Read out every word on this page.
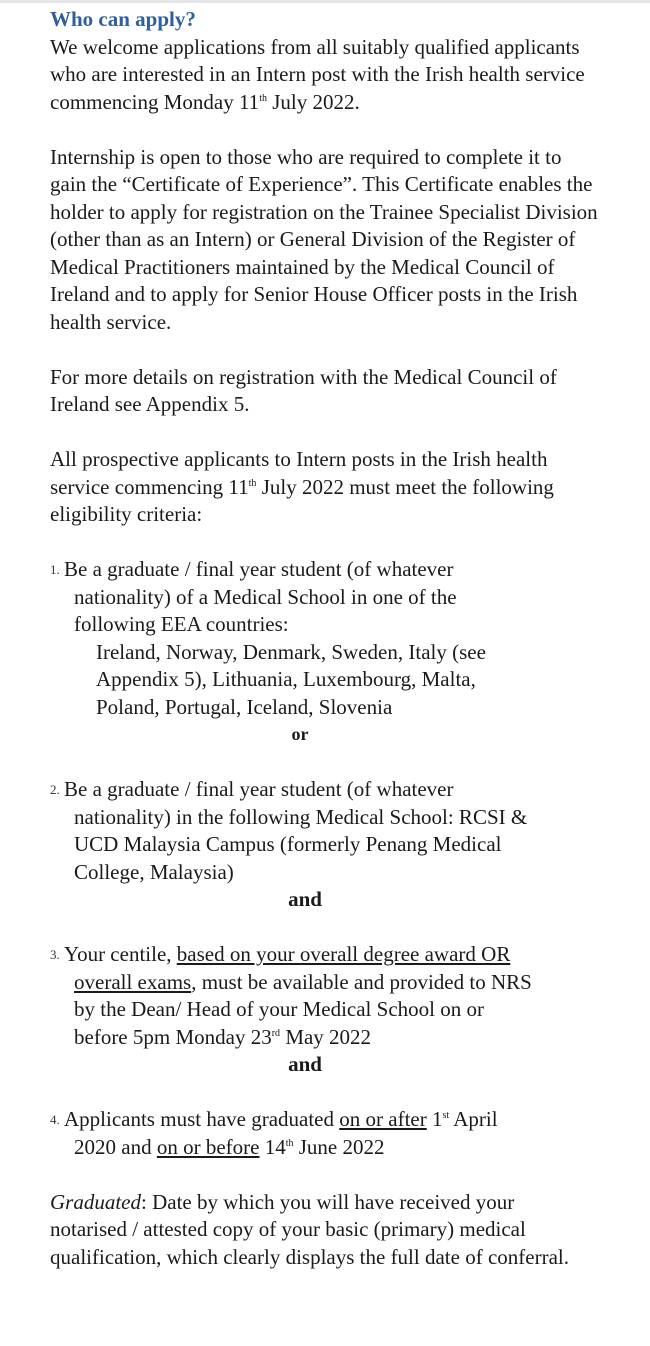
Who can apply?

We welcome applications from all suitably qualified applicants who are interested in an Intern post with the Irish health service commencing Monday 11th July 2022.

Internship is open to those who are required to complete it to gain the “Certificate of Experience”. This Certificate enables the holder to apply for registration on the Trainee Specialist Division (other than as an Intern) or General Division of the Register of Medical Practitioners maintained by the Medical Council of Ireland and to apply for Senior House Officer posts in the Irish health service.

For more details on registration with the Medical Council of Ireland see Appendix 5.

All prospective applicants to Intern posts in the Irish health service commencing 11th July 2022 must meet the following eligibility criteria:

1. Be a graduate / final year student (of whatever
nationality) of a Medical School in one of the
following EEA countries:
Ireland, Norway, Denmark, Sweden, Italy (see
Appendix 5), Lithuania, Luxembourg, Malta,
Poland, Portugal, Iceland, Slovenia
or
2. Be a graduate / final year student (of whatever
nationality) in the following Medical School: RCSI &
UCD Malaysia Campus (formerly Penang Medical
College, Malaysia)
and
3. Your centile, based on your overall degree award OR
overall exams, must be available and provided to NRS
by the Dean/ Head of your Medical School on or
before 5pm Monday 23rd May 2022
and
4. Applicants must have graduated on or after 1st April
2020 and on or before 14th June 2022

Graduated: Date by which you will have received your notarised / attested copy of your basic (primary) medical qualification, which clearly displays the full date of conferral.
